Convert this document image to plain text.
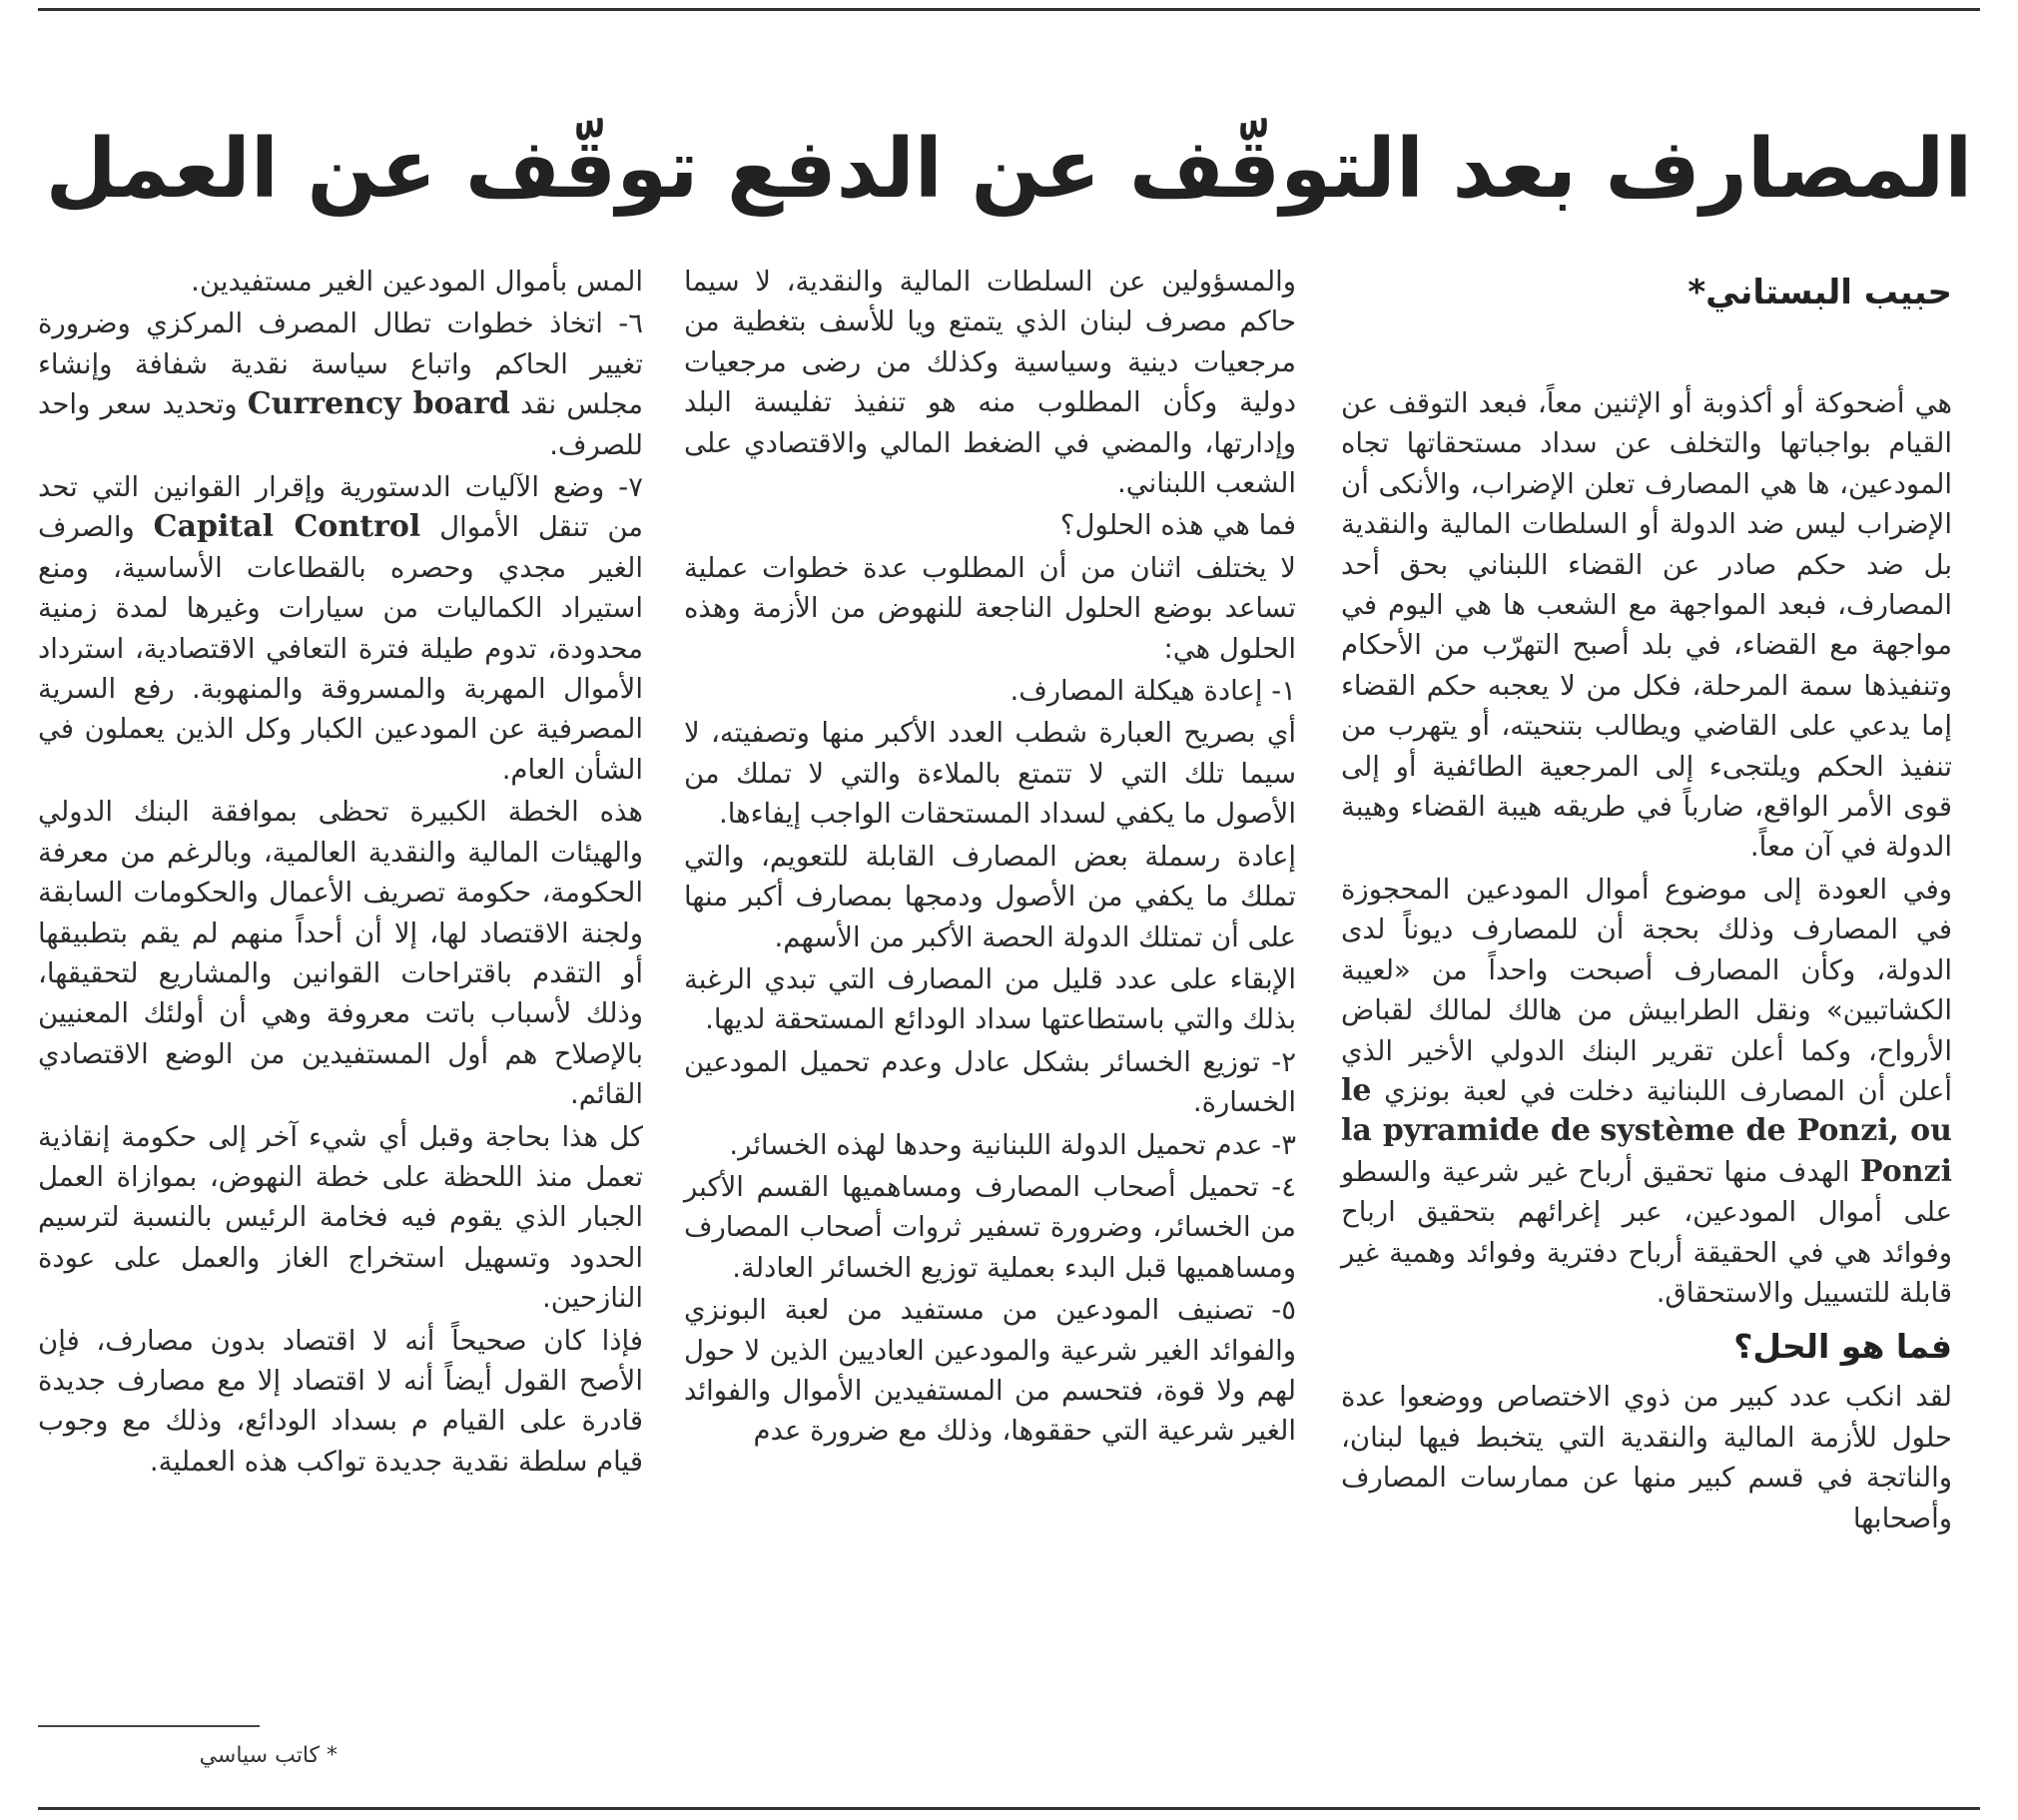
المصارف بعد التوقّف عن الدفع توقّف عن العمل
حبيب البستاني*

هي أضحوكة أو أكذوبة أو الإثنين معاً، فبعد التوقف عن القيام بواجباتها والتخلف عن سداد مستحقاتها تجاه المودعين، ها هي المصارف تعلن الإضراب، والأنكى أن الإضراب ليس ضد الدولة أو السلطات المالية والنقدية بل ضد حكم صادر عن القضاء اللبناني بحق أحد المصارف، فبعد المواجهة مع الشعب ها هي اليوم في مواجهة مع القضاء، في بلد أصبح التهرّب من الأحكام وتنفيذها سمة المرحلة، فكل من لا يعجبه حكم القضاء إما يدعي على القاضي ويطالب بتنحيته، أو يتهرب من تنفيذ الحكم ويلتجىء إلى المرجعية الطائفية أو إلى قوى الأمر الواقع، ضارباً في طريقه هيبة القضاء وهيبة الدولة في آن معاً.

وفي العودة إلى موضوع أموال المودعين المحجوزة في المصارف وذلك بحجة أن للمصارف ديوناً لدى الدولة، وكأن المصارف أصبحت واحداً من «لعيبة الكشاتبين» ونقل الطرابيش من هالك لمالك لقباض الأرواح، وكما أعلن تقرير البنك الدولي الأخير الذي أعلن أن المصارف اللبنانية دخلت في لعبة بونزي le système de Ponzi, ou la pyramide de Ponzi الهدف منها تحقيق أرباح غير شرعية والسطو على أموال المودعين، عبر إغرائهم بتحقيق ارباح وفوائد هي في الحقيقة أرباح دفترية وفوائد وهمية غير قابلة للتسييل والاستحقاق.

فما هو الحل؟

لقد انكب عدد كبير من ذوي الاختصاص ووضعوا عدة حلول للأزمة المالية والنقدية التي يتخبط فيها لبنان، والناتجة في قسم كبير منها عن ممارسات المصارف وأصحابها

والمسؤولين عن السلطات المالية والنقدية، لا سيما حاكم مصرف لبنان الذي يتمتع ويا للأسف بتغطية من مرجعيات دينية وسياسية وكذلك من رضى مرجعيات دولية وكأن المطلوب منه هو تنفيذ تفليسة البلد وإدارتها، والمضي في الضغط المالي والاقتصادي على الشعب اللبناني.

فما هي هذه الحلول؟

لا يختلف اثنان من أن المطلوب عدة خطوات عملية تساعد بوضع الحلول الناجعة للنهوض من الأزمة وهذه الحلول هي:

١- إعادة هيكلة المصارف.

أي بصريح العبارة شطب العدد الأكبر منها وتصفيته، لا سيما تلك التي لا تتمتع بالملاءة والتي لا تملك من الأصول ما يكفي لسداد المستحقات الواجب إيفاءها.

إعادة رسملة بعض المصارف القابلة للتعويم، والتي تملك ما يكفي من الأصول ودمجها بمصارف أكبر منها على أن تمتلك الدولة الحصة الأكبر من الأسهم.

الإبقاء على عدد قليل من المصارف التي تبدي الرغبة بذلك والتي باستطاعتها سداد الودائع المستحقة لديها.

٢- توزيع الخسائر بشكل عادل وعدم تحميل المودعين الخسارة.

٣- عدم تحميل الدولة اللبنانية وحدها لهذه الخسائر.

٤- تحميل أصحاب المصارف ومساهميها القسم الأكبر من الخسائر، وضرورة تسفير ثروات أصحاب المصارف ومساهميها قبل البدء بعملية توزيع الخسائر العادلة.

٥- تصنيف المودعين من مستفيد من لعبة البونزي والفوائد الغير شرعية والمودعين العاديين الذين لا حول لهم ولا قوة، فتحسم من المستفيدين الأموال والفوائد الغير شرعية التي حققوها، وذلك مع ضرورة عدم

المس بأموال المودعين الغير مستفيدين.

٦- اتخاذ خطوات تطال المصرف المركزي وضرورة تغيير الحاكم واتباع سياسة نقدية شفافة وإنشاء مجلس نقد Currency board وتحديد سعر واحد للصرف.

٧- وضع الآليات الدستورية وإقرار القوانين التي تحد من تنقل الأموال Capital Control والصرف الغير مجدي وحصره بالقطاعات الأساسية، ومنع استيراد الكماليات من سيارات وغيرها لمدة زمنية محدودة، تدوم طيلة فترة التعافي الاقتصادية، استرداد الأموال المهربة والمسروقة والمنهوبة. رفع السرية المصرفية عن المودعين الكبار وكل الذين يعملون في الشأن العام.

هذه الخطة الكبيرة تحظى بموافقة البنك الدولي والهيئات المالية والنقدية العالمية، وبالرغم من معرفة الحكومة، حكومة تصريف الأعمال والحكومات السابقة ولجنة الاقتصاد لها، إلا أن أحداً منهم لم يقم بتطبيقها أو التقدم باقتراحات القوانين والمشاريع لتحقيقها، وذلك لأسباب باتت معروفة وهي أن أولئك المعنيين بالإصلاح هم أول المستفيدين من الوضع الاقتصادي القائم.

كل هذا بحاجة وقبل أي شيء آخر إلى حكومة إنقاذية تعمل منذ اللحظة على خطة النهوض، بموازاة العمل الجبار الذي يقوم فيه فخامة الرئيس بالنسبة لترسيم الحدود وتسهيل استخراج الغاز والعمل على عودة النازحين.

فإذا كان صحيحاً أنه لا اقتصاد بدون مصارف، فإن الأصح القول أيضاً أنه لا اقتصاد إلا مع مصارف جديدة قادرة على القيام م بسداد الودائع، وذلك مع وجوب قيام سلطة نقدية جديدة تواكب هذه العملية.

* كاتب سياسي
